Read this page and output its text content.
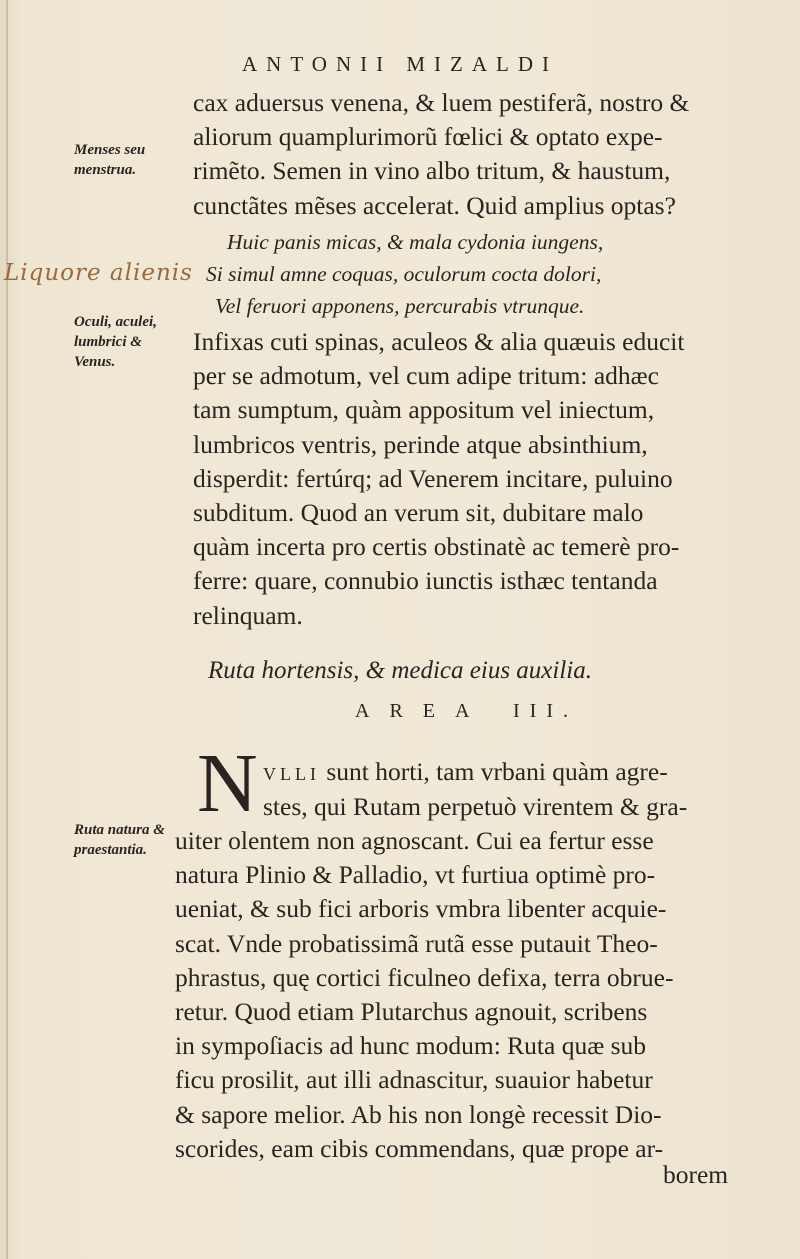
ANTONII MIZALDI
cax aduersus venena, & luem pestiferã, nostro &
aliorum quamplurimorũ fœlici & optato expe-
rimẽto. Semen in vino albo tritum, & haustum,
cunctãtes mẽses accelerat. Quid amplius optas?
Huic panis micas, & mala cydonia iungens,
Si simul amne coquas, oculorum cocta dolori,
Vel feruori apponens, percurabis vtrunque.
Liquore alienis
Infixas cuti spinas, aculeos & alia quæuis educit
per se admotum, vel cum adipe tritum: adhæc
tam sumptum, quàm appositum vel iniectum,
lumbricos ventris, perinde atque absinthium,
disperdit: fertúrq; ad Venerem incitare, puluino
subditum. Quod an verum sit, dubitare malo
quàm incerta pro certis obstinatè ac temerè pro-
ferre: quare, connubio iunctis isthæc tentanda
relinquam.
Menses seu menstrua.
Oculi, aculei, lumbrici & Venus.
Ruta natura & praestantia.
Ruta hortensis, & medica eius auxilia.
AREA III.
N VLLI sunt horti, tam vrbani quàm agre-
stes, qui Rutam perpetuò virentem & gra-
uiter olentem non agnoscant. Cui ea fertur esse
natura Plinio & Palladio, vt furtiua optimè pro-
ueniat, & sub fici arboris vmbra libenter acquie-
scat. Vnde probatissimã rutã esse putauit Theo-
phrastus, quę cortici ficulneo defixa, terra obrue-
retur. Quod etiam Plutarchus agnouit, scribens
in sympoſiacis ad hunc modum: Ruta quæ sub
ficu prosilit, aut illi adnascitur, suauior habetur
& sapore melior. Ab his non longè recessit Dio-
scorides, eam cibis commendans, quæ prope ar-
borem
